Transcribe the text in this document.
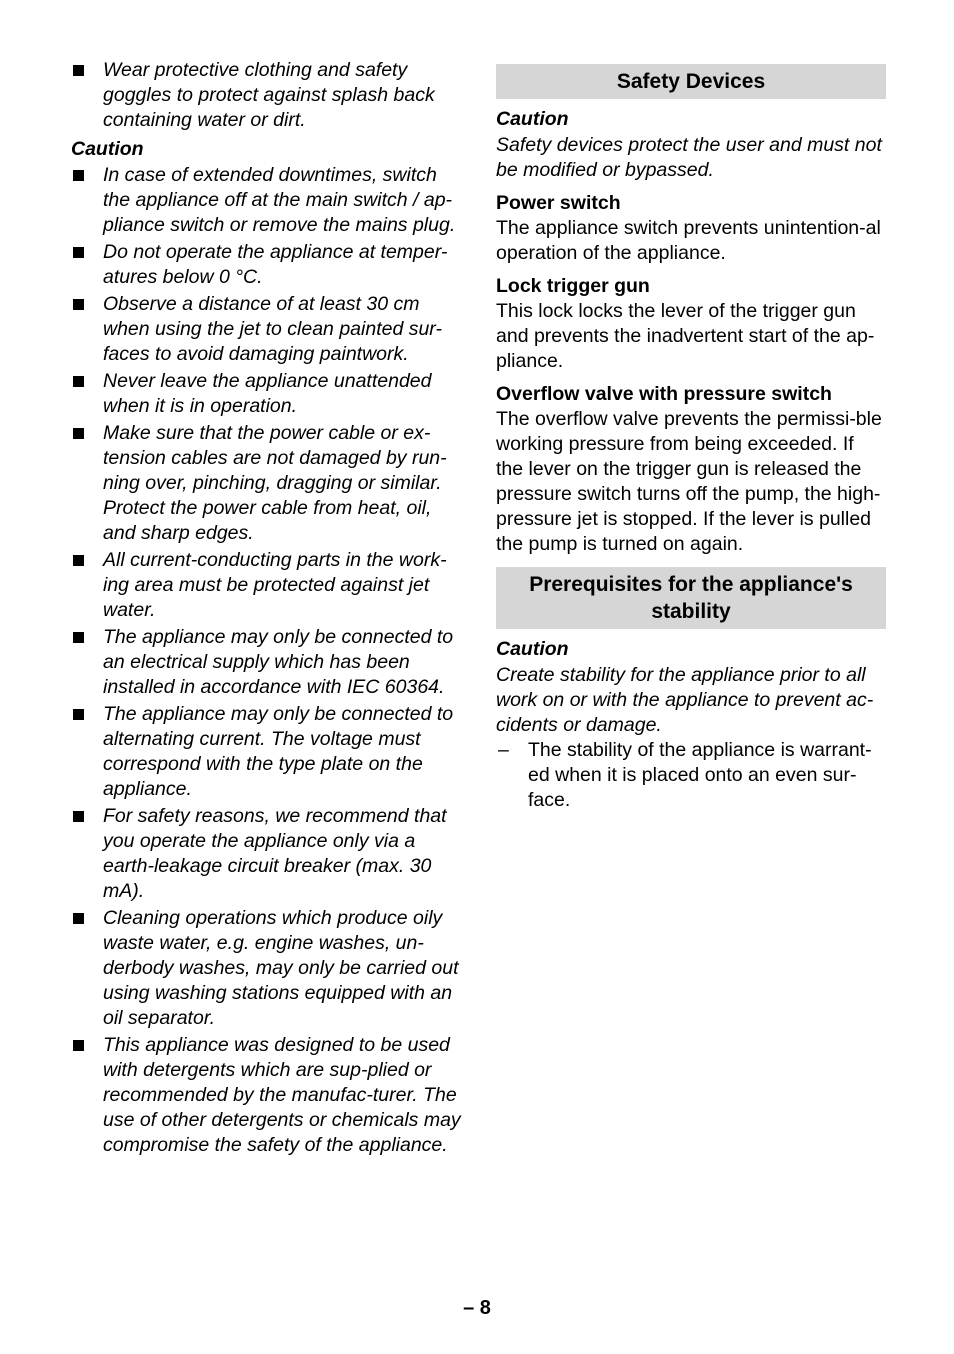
Wear protective clothing and safety goggles to protect against splash back containing water or dirt.
Caution
In case of extended downtimes, switch the appliance off at the main switch / ap-pliance switch or remove the mains plug.
Do not operate the appliance at temper-atures below 0 °C.
Observe a distance of at least 30 cm when using the jet to clean painted sur-faces to avoid damaging paintwork.
Never leave the appliance unattended when it is in operation.
Make sure that the power cable or ex-tension cables are not damaged by run-ning over, pinching, dragging or similar. Protect the power cable from heat, oil, and sharp edges.
All current-conducting parts in the work-ing area must be protected against jet water.
The appliance may only be connected to an electrical supply which has been installed in accordance with IEC 60364.
The appliance may only be connected to alternating current. The voltage must correspond with the type plate on the appliance.
For safety reasons, we recommend that you operate the appliance only via a earth-leakage circuit breaker (max. 30 mA).
Cleaning operations which produce oily waste water, e.g. engine washes, un-derbody washes, may only be carried out using washing stations equipped with an oil separator.
This appliance was designed to be used with detergents which are sup-plied or recommended by the manufac-turer. The use of other detergents or chemicals may compromise the safety of the appliance.
Safety Devices
Caution

Safety devices protect the user and must not be modified or bypassed.

Power switch

The appliance switch prevents unintention-al operation of the appliance.

Lock trigger gun

This lock locks the lever of the trigger gun and prevents the inadvertent start of the ap-pliance.

Overflow valve with pressure switch

The overflow valve prevents the permissi-ble working pressure from being exceeded. If the lever on the trigger gun is released the pressure switch turns off the pump, the high-pressure jet is stopped. If the lever is pulled the pump is turned on again.

Prerequisites for the appliance's stability
Caution

Create stability for the appliance prior to all work on or with the appliance to prevent ac-cidents or damage.

– The stability of the appliance is warrant-ed when it is placed onto an even sur-face.
– 8
